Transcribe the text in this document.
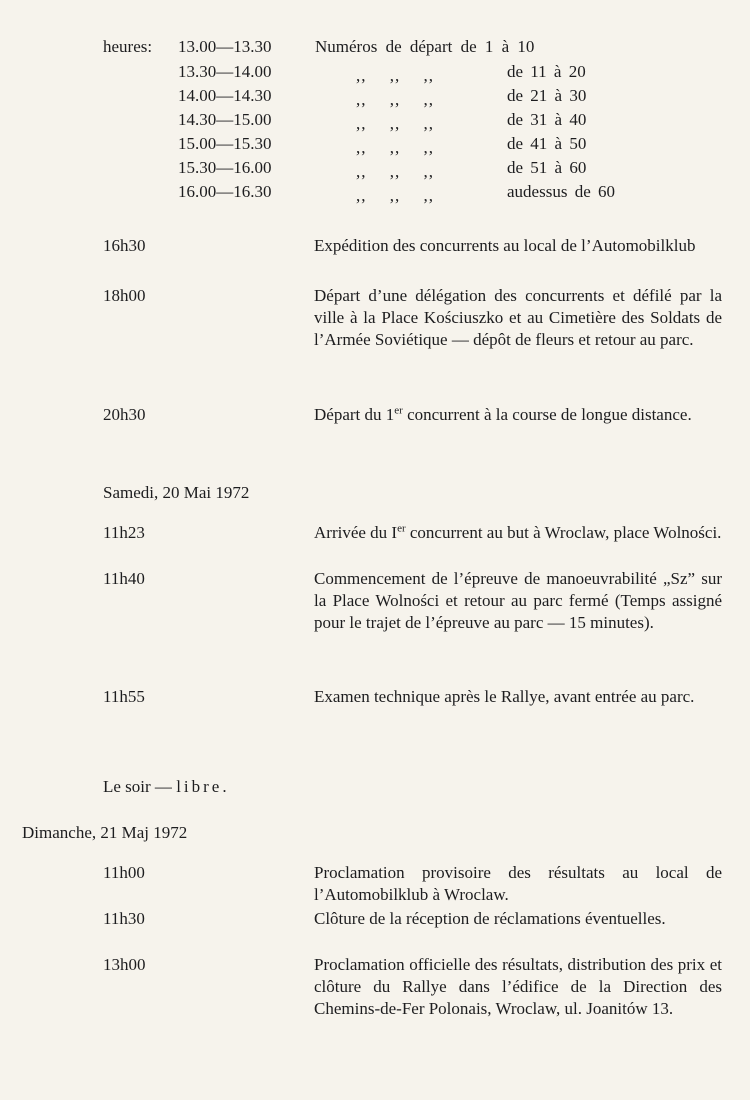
heures: 13.00—13.30	Numéros de départ de 1 à 10
13.30—14.00	,, ,, ,,	de 11 à 20
14.00—14.30	,, ,, ,,	de 21 à 30
14.30—15.00	,, ,, ,,	de 31 à 40
15.00—15.30	,, ,, ,,	de 41 à 50
15.30—16.00	,, ,, ,,	de 51 à 60
16.00—16.30	,, ,, ,,	audessus de 60
16h30	Expédition des concurrents au local de l’Automobilklub
18h00	Départ d’une délégation des concurrents et défilé par la ville à la Place Kościuszko et au Cimetière des Soldats de l’Armée Soviétique — dépôt de fleurs et retour au parc.
20h30	Départ du 1er concurrent à la course de longue distance.
Samedi, 20 Mai 1972
11h23	Arrivée du Ier concurrent au but à Wroclaw, place Wolności.
11h40	Commencement de l’épreuve de manoeuvrabilité „Sz” sur la Place Wolności et retour au parc fermé (Temps assigné pour le trajet de l’épreuve au parc — 15 minutes).
11h55	Examen technique après le Rallye, avant entrée au parc.
Le soir — libre.
Dimanche, 21 Maj 1972
11h00	Proclamation provisoire des résultats au local de l’Automobilklub à Wroclaw.
11h30	Clôture de la réception de réclamations éventuelles.
13h00	Proclamation officielle des résultats, distribution des prix et clôture du Rallye dans l’édifice de la Direction des Chemins-de-Fer Polonais, Wroclaw, ul. Joanitów 13.
